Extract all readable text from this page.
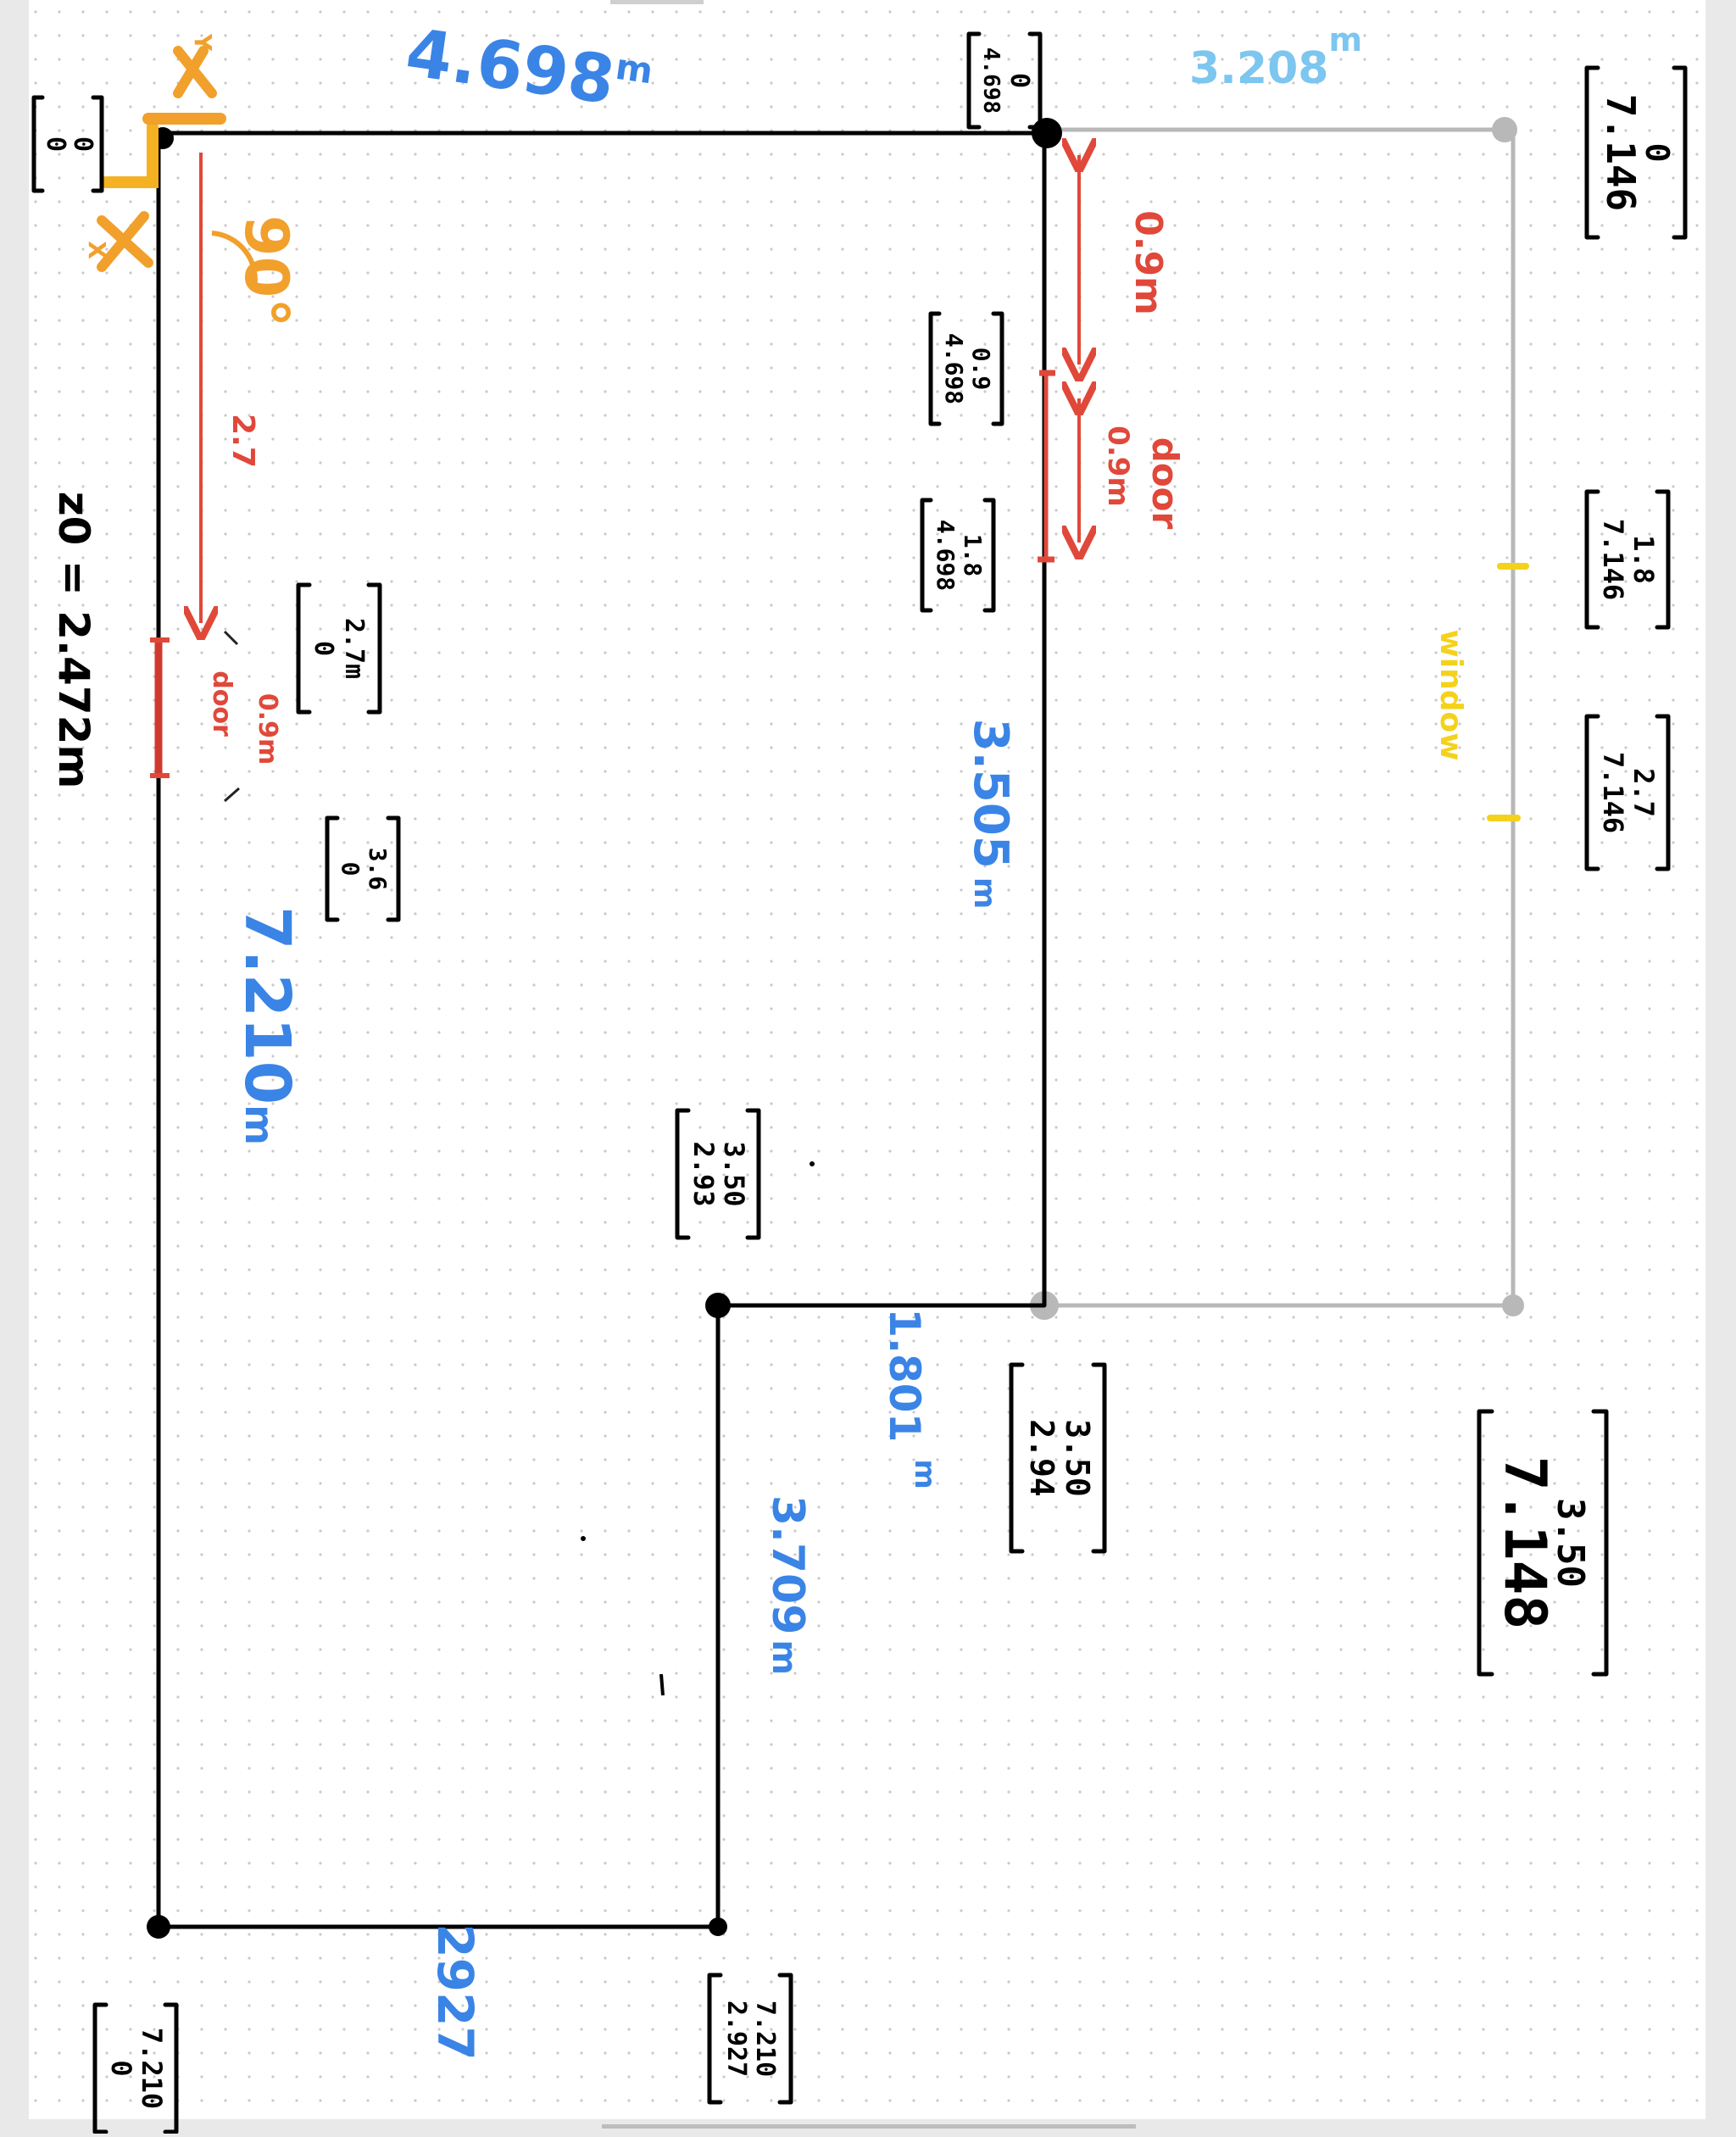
4.698$^m$	3.208$^m$
3.505m
7.210m
1.801$^m$
3.709m
2927
z0 = 2.472m
0.9m
door
0.9m
2.7
0.9m
door	window
90°
Y
X
0
0
0
4.698
0
7.146
0.9
4.698
1.8
4.698	1.8
7.146
2.7
7.146
2.7m
0
3.6
0
3.50
2.93
3.50
2.94
3.50
7.148
7.210
0	7.210
2.927
